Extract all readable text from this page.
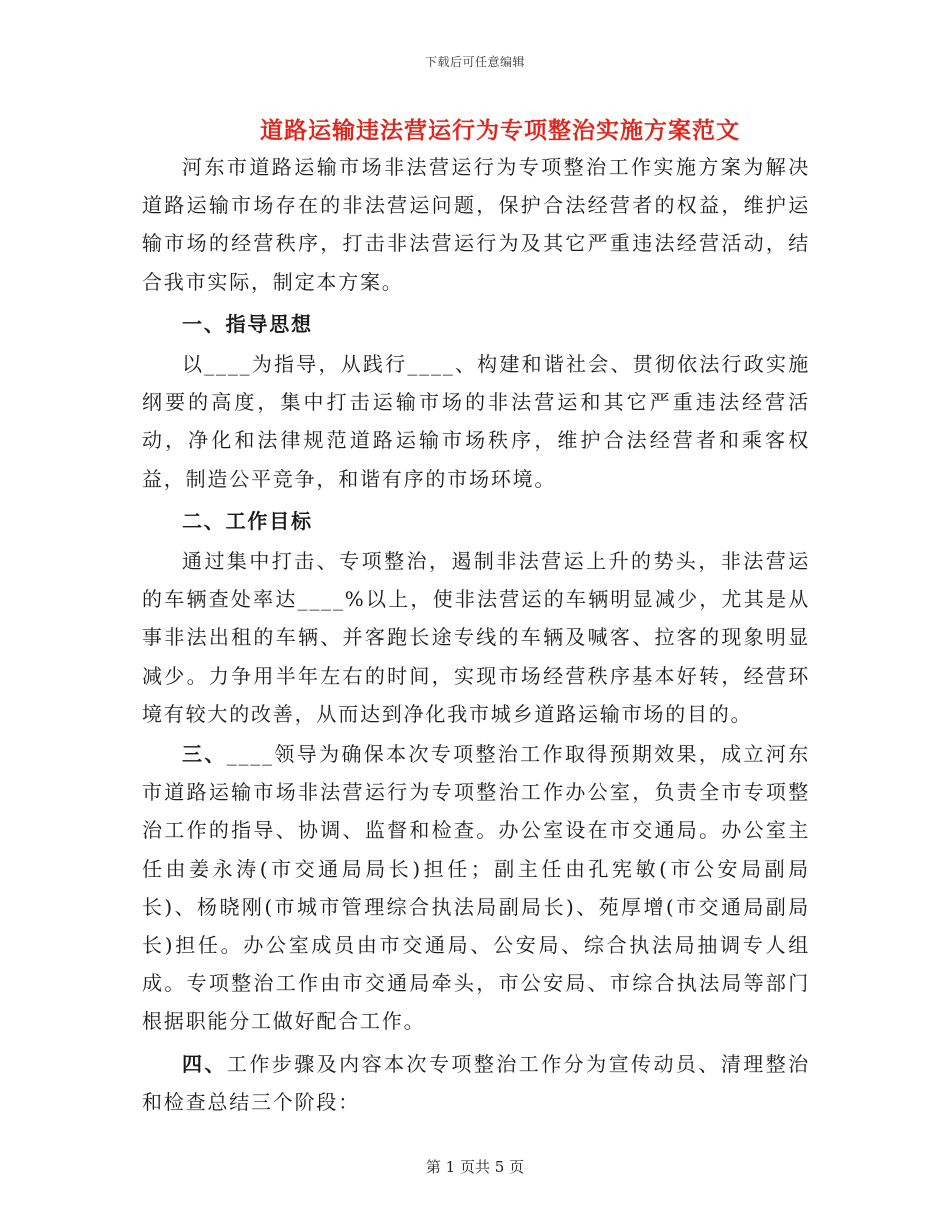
下载后可任意编辑
道路运输违法营运行为专项整治实施方案范文

河东市道路运输市场非法营运行为专项整治工作实施方案为解决道路运输市场存在的非法营运问题，保护合法经营者的权益，维护运输市场的经营秩序，打击非法营运行为及其它严重违法经营活动，结合我市实际，制定本方案。

一、指导思想

以____为指导，从践行____、构建和谐社会、贯彻依法行政实施纲要的高度，集中打击运输市场的非法营运和其它严重违法经营活动，净化和法律规范道路运输市场秩序，维护合法经营者和乘客权益，制造公平竞争，和谐有序的市场环境。

二、工作目标

通过集中打击、专项整治，遏制非法营运上升的势头，非法营运的车辆查处率达____%以上，使非法营运的车辆明显减少，尤其是从事非法出租的车辆、并客跑长途专线的车辆及喊客、拉客的现象明显减少。力争用半年左右的时间，实现市场经营秩序基本好转，经营环境有较大的改善，从而达到净化我市城乡道路运输市场的目的。

三、____领导为确保本次专项整治工作取得预期效果，成立河东市道路运输市场非法营运行为专项整治工作办公室，负责全市专项整治工作的指导、协调、监督和检查。办公室设在市交通局。办公室主任由姜永涛(市交通局局长)担任；副主任由孔宪敏(市公安局副局长)、杨晓刚(市城市管理综合执法局副局长)、苑厚增(市交通局副局长)担任。办公室成员由市交通局、公安局、综合执法局抽调专人组成。专项整治工作由市交通局牵头，市公安局、市综合执法局等部门根据职能分工做好配合工作。

四、工作步骤及内容本次专项整治工作分为宣传动员、清理整治和检查总结三个阶段：

第 1 页共 5 页
